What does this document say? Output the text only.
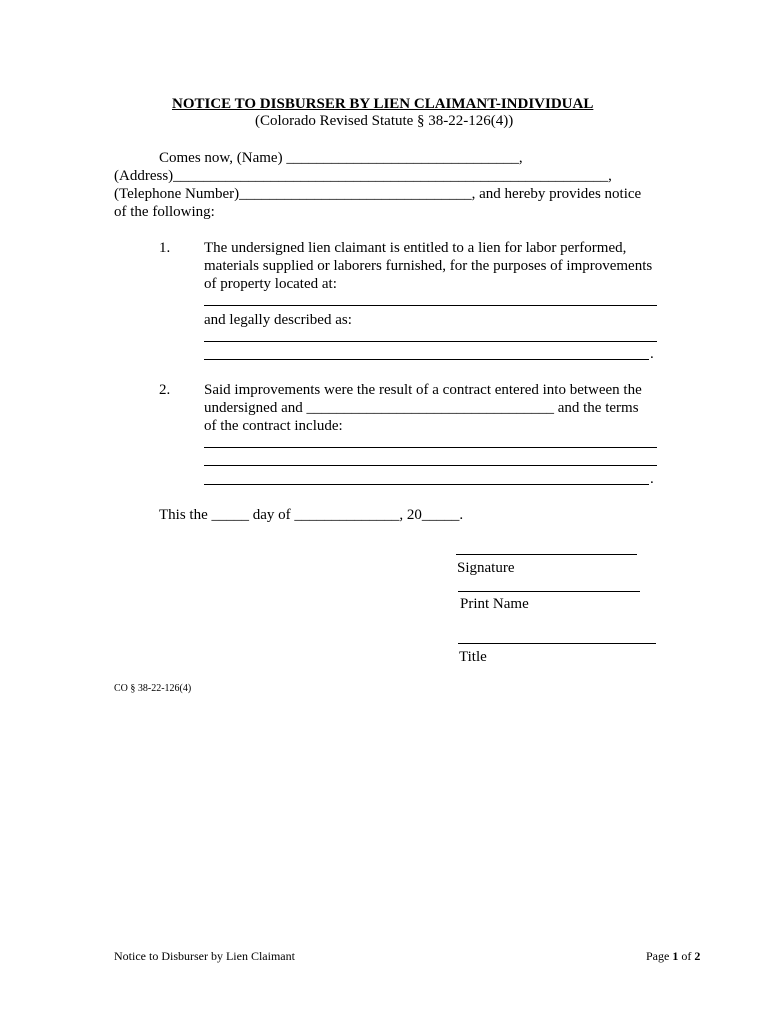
NOTICE TO DISBURSER BY LIEN CLAIMANT-INDIVIDUAL
(Colorado Revised Statute § 38-22-126(4))
Comes now, (Name) _______________________________,
(Address)__________________________________________________________,
(Telephone Number)_______________________________, and hereby provides notice
of the following:
1. The undersigned lien claimant is entitled to a lien for labor performed,
materials supplied or laborers furnished, for the purposes of improvements
of property located at:
and legally described as:
.
2. Said improvements were the result of a contract entered into between the
undersigned and _________________________________ and the terms
of the contract include:
.
This the _____ day of ______________, 20_____.
Signature
Print Name
Title
CO § 38-22-126(4)
Notice to Disburser by Lien Claimant	Page 1 of 2
